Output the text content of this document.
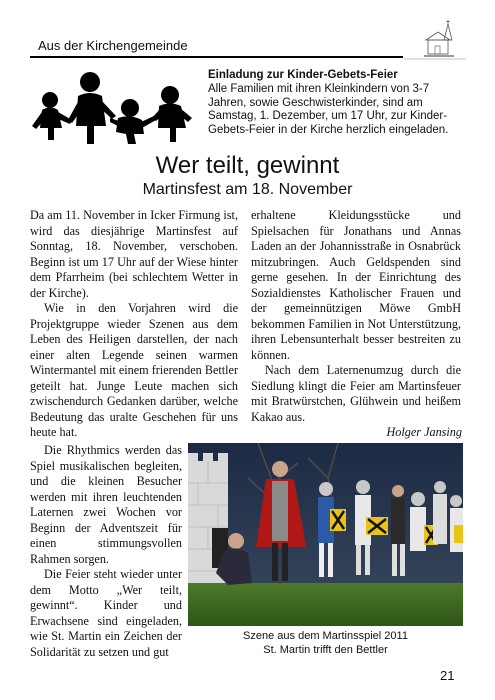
Aus der Kirchengemeinde
Einladung zur Kinder-Gebets-Feier
Alle Familien mit ihren Kleinkindern von 3-7 Jahren, sowie Geschwisterkinder, sind am Samstag, 1. Dezember, um 17 Uhr, zur Kinder-Gebets-Feier in der Kirche herzlich eingeladen.
Wer teilt, gewinnt
Martinsfest am 18. November

Da am 11. November in Icker Firmung ist, wird das diesjährige Martinsfest auf Sonntag, 18. November, verschoben. Beginn ist um 17 Uhr auf der Wiese hinter dem Pfarrheim (bei schlechtem Wetter in der Kirche).

Wie in den Vorjahren wird die Projektgruppe wieder Szenen aus dem Leben des Heiligen darstellen, der nach einer alten Legende seinen warmen Wintermantel mit einem frierenden Bettler geteilt hat. Junge Leute machen sich zwischendurch Gedanken darüber, welche Bedeutung das uralte Geschehen für uns heute hat.

erhaltene Kleidungsstücke und Spielsachen für Jonathans und Annas Laden an der Johannisstraße in Osnabrück mitzubringen. Auch Geldspenden sind gerne gesehen. In der Einrichtung des Sozialdienstes Katholischer Frauen und der gemeinnützigen Möwe GmbH bekommen Familien in Not Unterstützung, ihren Lebensunterhalt besser bestreiten zu können.

Nach dem Laternenumzug durch die Siedlung klingt die Feier am Martinsfeuer mit Bratwürstchen, Glühwein und heißem Kakao aus.

Holger Jansing

Die Rhythmics werden das Spiel musikalischen begleiten, und die kleinen Besucher werden mit ihren leuchtenden Laternen zwei Wochen vor Beginn der Adventszeit für einen stimmungsvollen Rahmen sorgen.

Die Feier steht wieder unter dem Motto „Wer teilt, gewinnt“. Kinder und Erwachsene sind eingeladen, wie St. Martin ein Zeichen der Solidarität zu setzen und gut

Szene aus dem Martinsspiel 2011
St. Martin trifft den Bettler
21
